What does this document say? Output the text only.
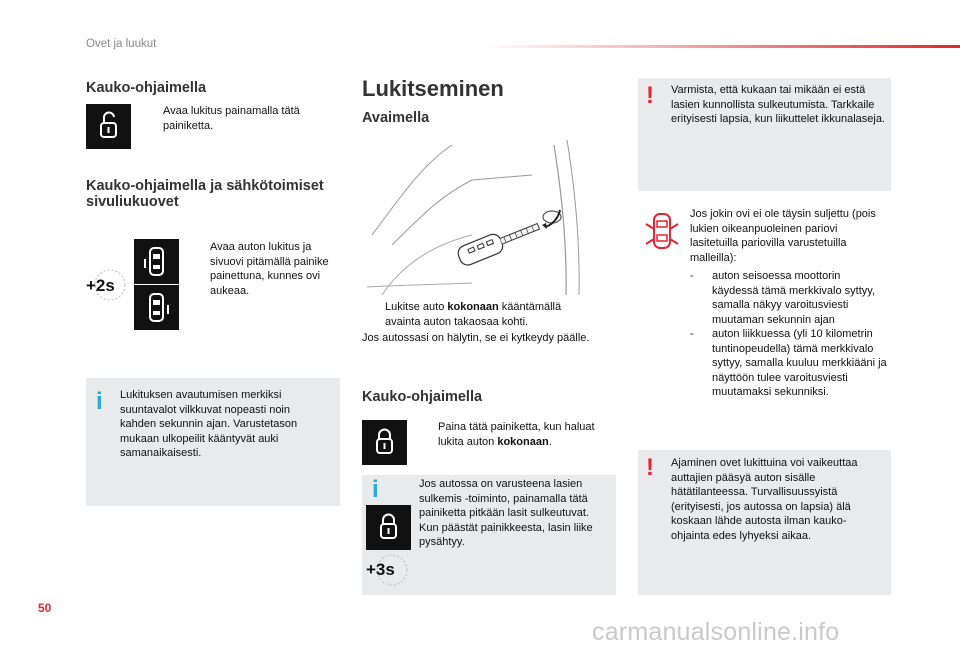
Ovet ja luukut
Kauko-ohjaimella
Avaa lukitus painamalla tätä painiketta.
Kauko-ohjaimella ja sähkötoimiset sivuliukuovet
+2s
Avaa auton lukitus ja sivuovi pitämällä painike painettuna, kunnes ovi aukeaa.
i Lukituksen avautumisen merkiksi suuntavalot vilkkuvat nopeasti noin kahden sekunnin ajan. Varustetason mukaan ulkopeilit kääntyvät auki samanaikaisesti.
Lukitseminen
Avaimella
Lukitse auto kokonaan kääntämällä avainta auton takaosaa kohti.
Jos autossasi on hälytin, se ei kytkeydy päälle.
Kauko-ohjaimella
Paina tätä painiketta, kun haluat lukita auton kokonaan.
i
+3s
Jos autossa on varusteena lasien sulkemis -toiminto, painamalla tätä painiketta pitkään lasit sulkeutuvat. Kun päästät painikkeesta, lasin liike pysähtyy.
! Varmista, että kukaan tai mikään ei estä lasien kunnollista sulkeutumista. Tarkkaile erityisesti lapsia, kun liikuttelet ikkunalaseja.
Jos jokin ovi ei ole täysin suljettu (pois lukien oikeanpuoleinen pariovi lasitetuilla pariovilla varustetuilla malleilla):
-	auton seisoessa moottorin käydessä tämä merkkivalo syttyy, samalla näkyy varoitusviesti muutaman sekunnin ajan
-	auton liikkuessa (yli 10 kilometrin tuntinopeudella) tämä merkkivalo syttyy, samalla kuuluu merkkiääni ja näyttöön tulee varoitusviesti muutamaksi sekunniksi.
! Ajaminen ovet lukittuina voi vaikeuttaa auttajien pääsyä auton sisälle hätätilanteessa. Turvallisuussyistä (erityisesti, jos autossa on lapsia) älä koskaan lähde autosta ilman kauko-ohjainta edes lyhyeksi aikaa.
50
carmanualsonline.info
